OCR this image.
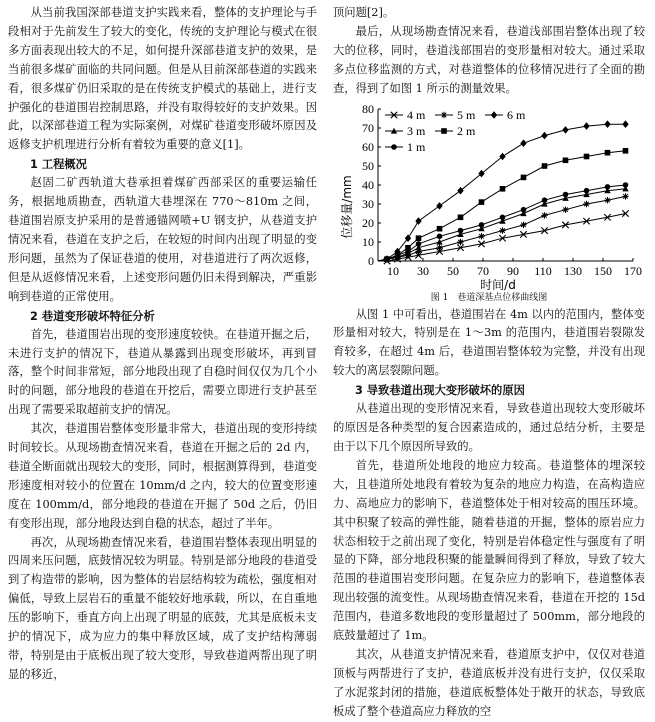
从当前我国深部巷道支护实践来看，整体的支护理论与手段相对于先前发生了较大的变化，传统的支护理论与模式在很多方面表现出较大的不足，如何提升深部巷道支护的效果，是当前很多煤矿面临的共同问题。但是从目前深部巷道的实践来看，很多煤矿仍旧采取的是在传统支护模式的基础上，进行支护强化的巷道围岩控制思路，并没有取得较好的支护效果。因此，以深部巷道工程为实际案例，对煤矿巷道变形破坏原因及返修支护机理进行分析有着较为重要的意义[1]。

1 工程概况

赵固二矿西轨道大巷承担着煤矿西部采区的重要运输任务，根据地质勘查，西轨道大巷埋深在 770～810m 之间，巷道围岩原支护采用的是普通锚网喷+U 钢支护，从巷道支护情况来看，巷道在支护之后，在较短的时间内出现了明显的变形问题，虽然为了保证巷道的使用，对巷道进行了两次返修，但是从返修情况来看，上述变形问题仍旧未得到解决，严重影响到巷道的正常使用。

2 巷道变形破坏特征分析

首先，巷道围岩出现的变形速度较快。在巷道开掘之后，未进行支护的情况下，巷道从暴露到出现变形破坏，再到冒落，整个时间非常短，部分地段出现了自稳时间仅仅为几个小时的问题，部分地段的巷道在开挖后，需要立即进行支护甚至出现了需要采取超前支护的情况。

其次，巷道围岩整体变形量非常大，巷道出现的变形持续时间较长。从现场勘查情况来看，巷道在开掘之后的 2d 内，巷道全断面就出现较大的变形，同时，根据测算得到，巷道变形速度相对较小的位置在 10mm/d 之内，较大的位置变形速度在 100mm/d，部分地段的巷道在开掘了 50d 之后，仍旧有变形出现，部分地段达到自稳的状态，超过了半年。

再次，从现场勘查情况来看，巷道围岩整体表现出明显的四周来压问题，底鼓情况较为明显。特别是部分地段的巷道受到了构造带的影响，因为整体的岩层结构较为疏松，强度相对偏低，导致上层岩石的重量不能较好地承载，所以，在自重地压的影响下，垂直方向上出现了明显的底鼓，尤其是底板未支护的情况下，成为应力的集中释放区域，成了支护结构薄弱带，特别是由于底板出现了较大变形，导致巷道两帮出现了明显的移近，

顶问题[2]。

最后，从现场勘查情况来看，巷道浅部围岩整体出现了较大的位移，同时，巷道浅部围岩的变形量相对较大。通过采取多点位移监测的方式，对巷道整体的位移情况进行了全面的勘查，得到了如图 1 所示的测量效果。

0
10
20
30
40
50
60
70
80
10 30 50 70 90 110 130 150 170
4 m	5 m	6 m
3 m	2 m
1 m
位移量/mm
时间/d

图 1　巷道深基点位移曲线图

从图 1 中可看出，巷道围岩在 4m 以内的范围内，整体变形量相对较大，特别是在 1～3m 的范围内，巷道围岩裂隙发育较多，在超过 4m 后，巷道围岩整体较为完整，并没有出现较大的离层裂隙问题。

3 导致巷道出现大变形破坏的原因

从巷道出现的变形情况来看，导致巷道出现较大变形破坏的原因是各种类型的复合因素造成的，通过总结分析，主要是由于以下几个原因所导致的。

首先，巷道所处地段的地应力较高。巷道整体的埋深较大，且巷道所处地段有着较为复杂的地应力构造，在高构造应力、高地应力的影响下，巷道整体处于相对较高的围压环境。其中积聚了较高的弹性能，随着巷道的开掘，整体的原岩应力状态相较于之前出现了变化，特别是岩体稳定性与强度有了明显的下降，部分地段积聚的能量瞬间得到了释放，导致了较大范围的巷道围岩变形问题。在复杂应力的影响下，巷道整体表现出较强的流变性。从现场勘查情况来看，巷道在开挖的 15d 范围内，巷道多数地段的变形量超过了 500mm，部分地段的底鼓量超过了 1m。

其次，从巷道支护情况来看，巷道原支护中，仅仅对巷道顶板与两帮进行了支护，巷道底板并没有进行支护，仅仅采取了水泥浆封闭的措施，巷道底板整体处于敞开的状态，导致底板成了整个巷道高应力释放的空
